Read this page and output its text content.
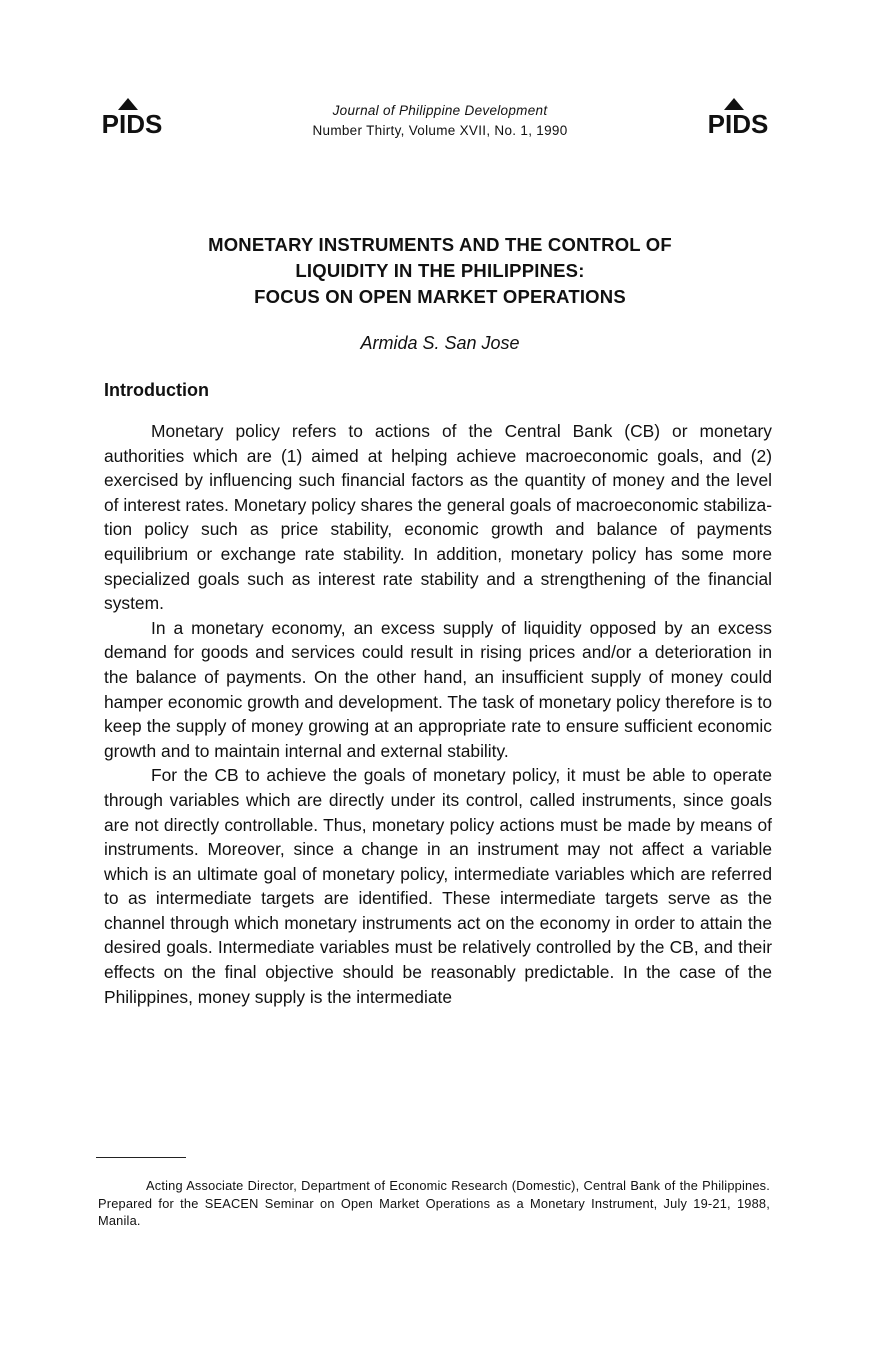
PIDS	Journal of Philippine Development
Number Thirty, Volume XVII, No. 1, 1990	PIDS
MONETARY INSTRUMENTS AND THE CONTROL OF
LIQUIDITY IN THE PHILIPPINES:
FOCUS ON OPEN MARKET OPERATIONS
Armida S. San Jose
Introduction

Monetary policy refers to actions of the Central Bank (CB) or monetary authorities which are (1) aimed at helping achieve macroeconomic goals, and (2) exercised by influencing such financial factors as the quantity of money and the level of interest rates. Monetary policy shares the general goals of macroeconomic stabilization policy such as price stability, economic growth and balance of payments equilibrium or exchange rate stability. In addition, monetary policy has some more specialized goals such as interest rate stability and a strengthening of the financial system.

In a monetary economy, an excess supply of liquidity opposed by an excess demand for goods and services could result in rising prices and/or a deterioration in the balance of payments. On the other hand, an insufficient supply of money could hamper economic growth and development. The task of monetary policy therefore is to keep the supply of money growing at an appropriate rate to ensure sufficient economic growth and to maintain internal and external stability.

For the CB to achieve the goals of monetary policy, it must be able to operate through variables which are directly under its control, called instruments, since goals are not directly controllable. Thus, monetary policy actions must be made by means of instruments. Moreover, since a change in an instrument may not affect a variable which is an ultimate goal of monetary policy, intermediate variables which are referred to as intermediate targets are identified. These intermediate targets serve as the channel through which monetary instruments act on the economy in order to attain the desired goals. Intermediate variables must be relatively controlled by the CB, and their effects on the final objective should be reasonably predictable. In the case of the Philippines, money supply is the intermediate

Acting Associate Director, Department of Economic Research (Domestic), Central Bank of the Philippines. Prepared for the SEACEN Seminar on Open Market Operations as a Monetary Instrument, July 19-21, 1988, Manila.
